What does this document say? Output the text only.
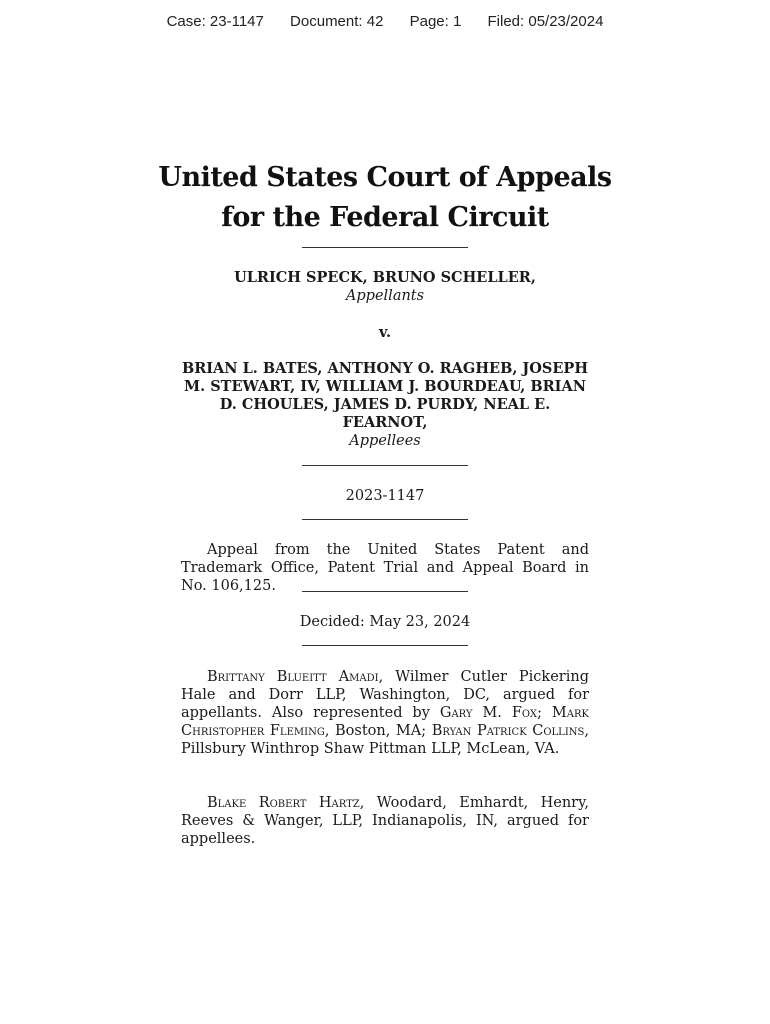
Case: 23-1147 Document: 42 Page: 1 Filed: 05/23/2024
United States Court of Appeals
for the Federal Circuit
ULRICH SPECK, BRUNO SCHELLER,
Appellants
v.
BRIAN L. BATES, ANTHONY O. RAGHEB, JOSEPH
M. STEWART, IV, WILLIAM J. BOURDEAU, BRIAN
D. CHOULES, JAMES D. PURDY, NEAL E.
FEARNOT,
Appellees
2023-1147
Appeal from the United States Patent and Trademark Office, Patent Trial and Appeal Board in No. 106,125.
Decided: May 23, 2024
Brittany Blueitt Amadi, Wilmer Cutler Pickering Hale and Dorr LLP, Washington, DC, argued for appellants. Also represented by Gary M. Fox; Mark Christopher Fleming, Boston, MA; Bryan Patrick Collins, Pillsbury Winthrop Shaw Pittman LLP, McLean, VA.
Blake Robert Hartz, Woodard, Emhardt, Henry, Reeves & Wanger, LLP, Indianapolis, IN, argued for appellees.
